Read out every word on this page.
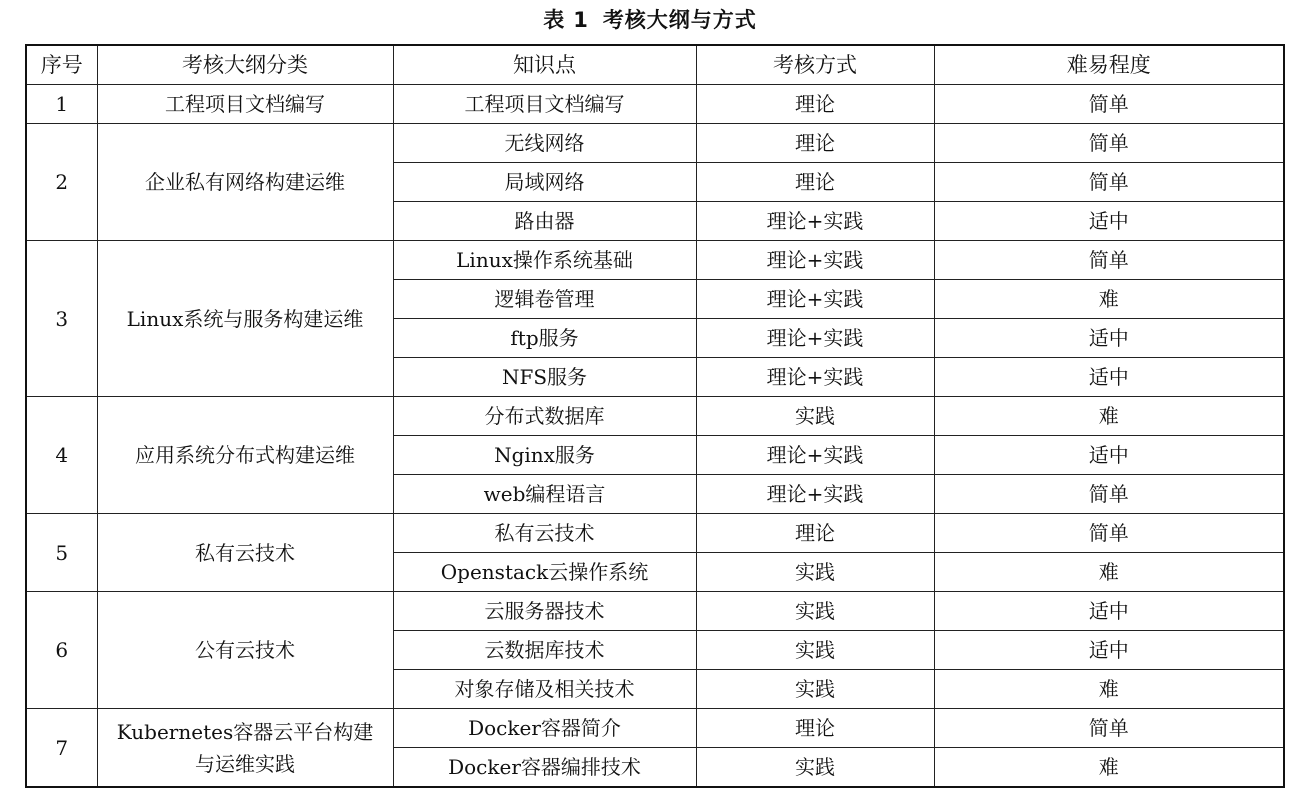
表 1 考核大纲与方式
序号	考核大纲分类	知识点	考核方式	难易程度
1	工程项目文档编写	工程项目文档编写	理论	简单
2	企业私有网络构建运维	无线网络	理论	简单
		局域网络	理论	简单
		路由器	理论+实践	适中
3	Linux系统与服务构建运维	Linux操作系统基础	理论+实践	简单
		逻辑卷管理	理论+实践	难
		ftp服务	理论+实践	适中
		NFS服务	理论+实践	适中
4	应用系统分布式构建运维	分布式数据库	实践	难
		Nginx服务	理论+实践	适中
		web编程语言	理论+实践	简单
5	私有云技术	私有云技术	理论	简单
		Openstack云操作系统	实践	难
6	公有云技术	云服务器技术	实践	适中
		云数据库技术	实践	适中
		对象存储及相关技术	实践	难
7	Kubernetes容器云平台构建与运维实践	Docker容器简介	理论	简单
		Docker容器编排技术	实践	难
